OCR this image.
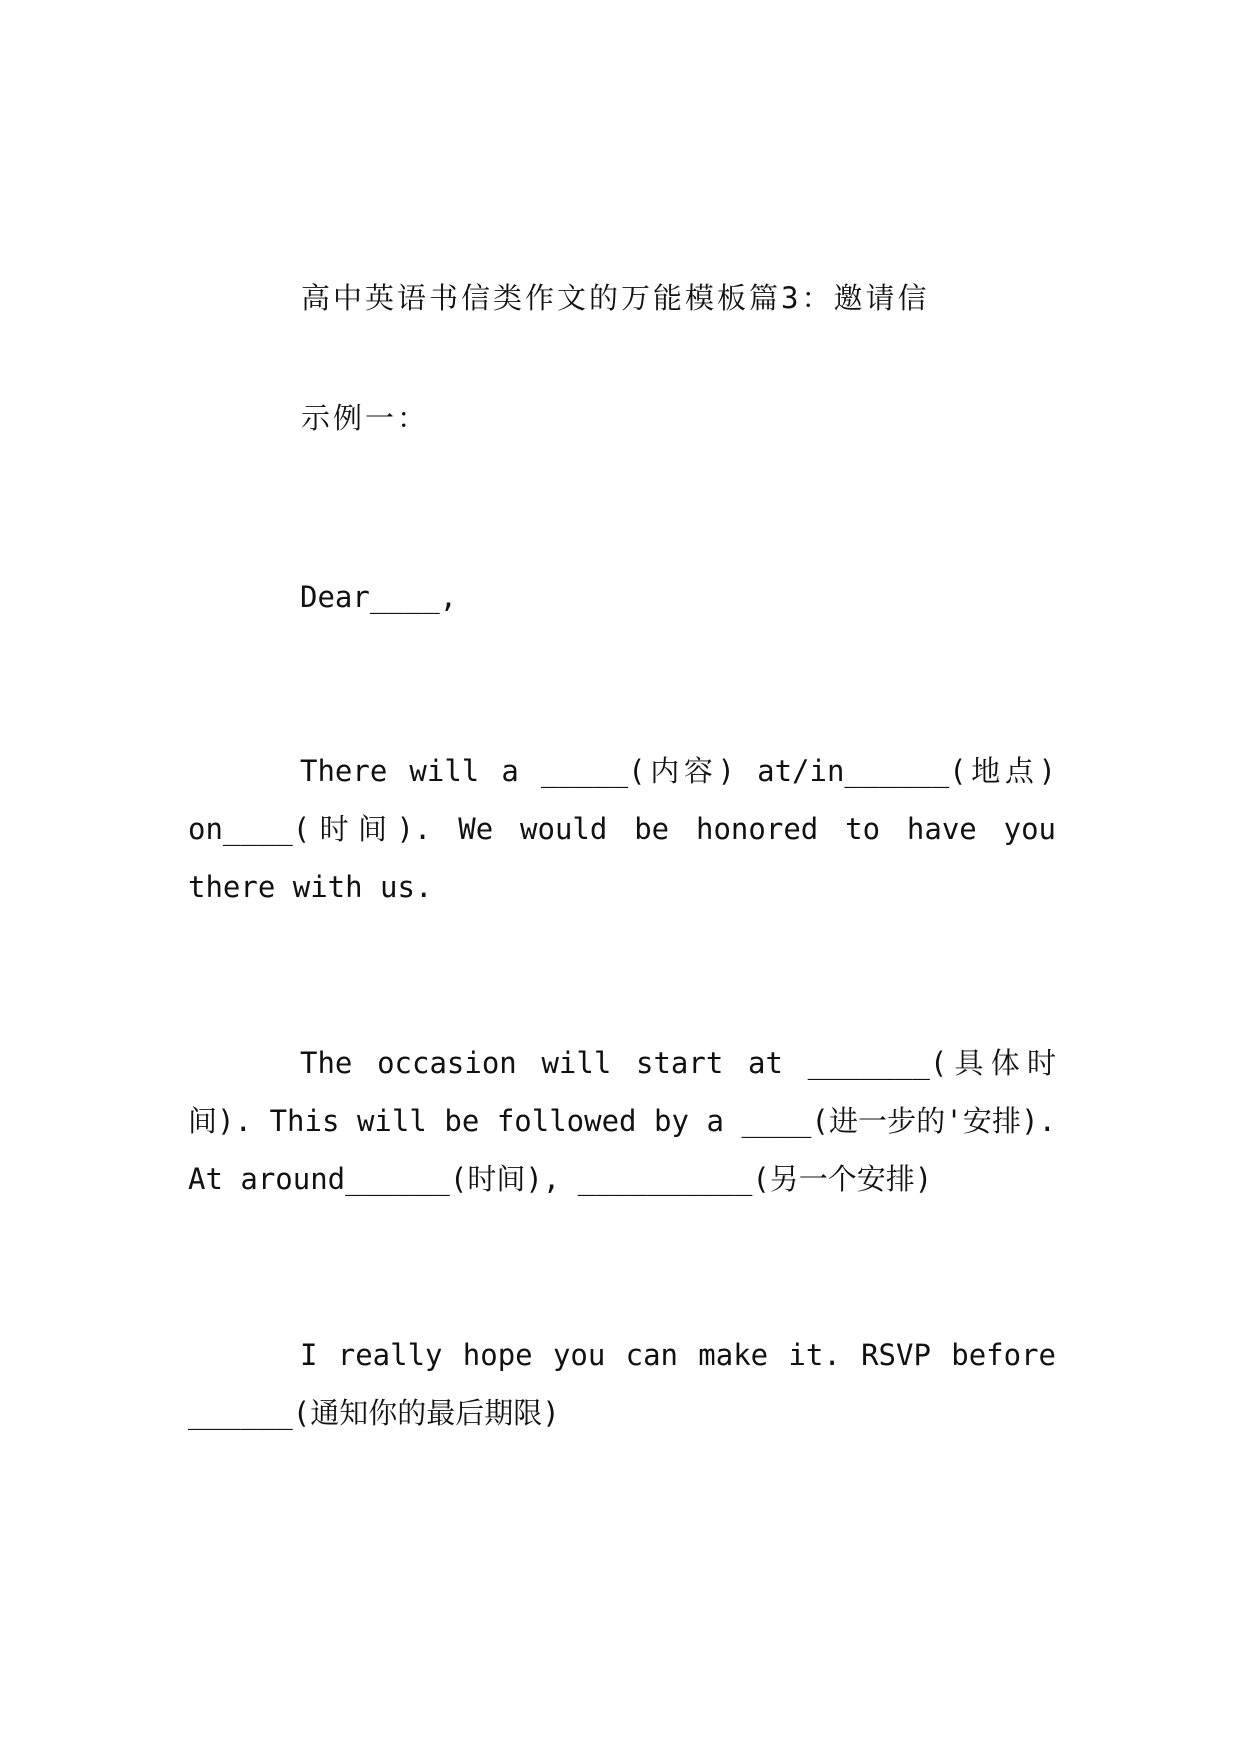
高中英语书信类作文的万能模板篇3：邀请信
示例一：
Dear____,

There will a _____(内容) at/in______(地点) on____(时间). We would be honored to have you there with us.

The occasion will start at _______(具体时间). This will be followed by a ____(进一步的'安排). At around______(时间), __________(另一个安排)

I really hope you can make it. RSVP before ______(通知你的最后期限)
